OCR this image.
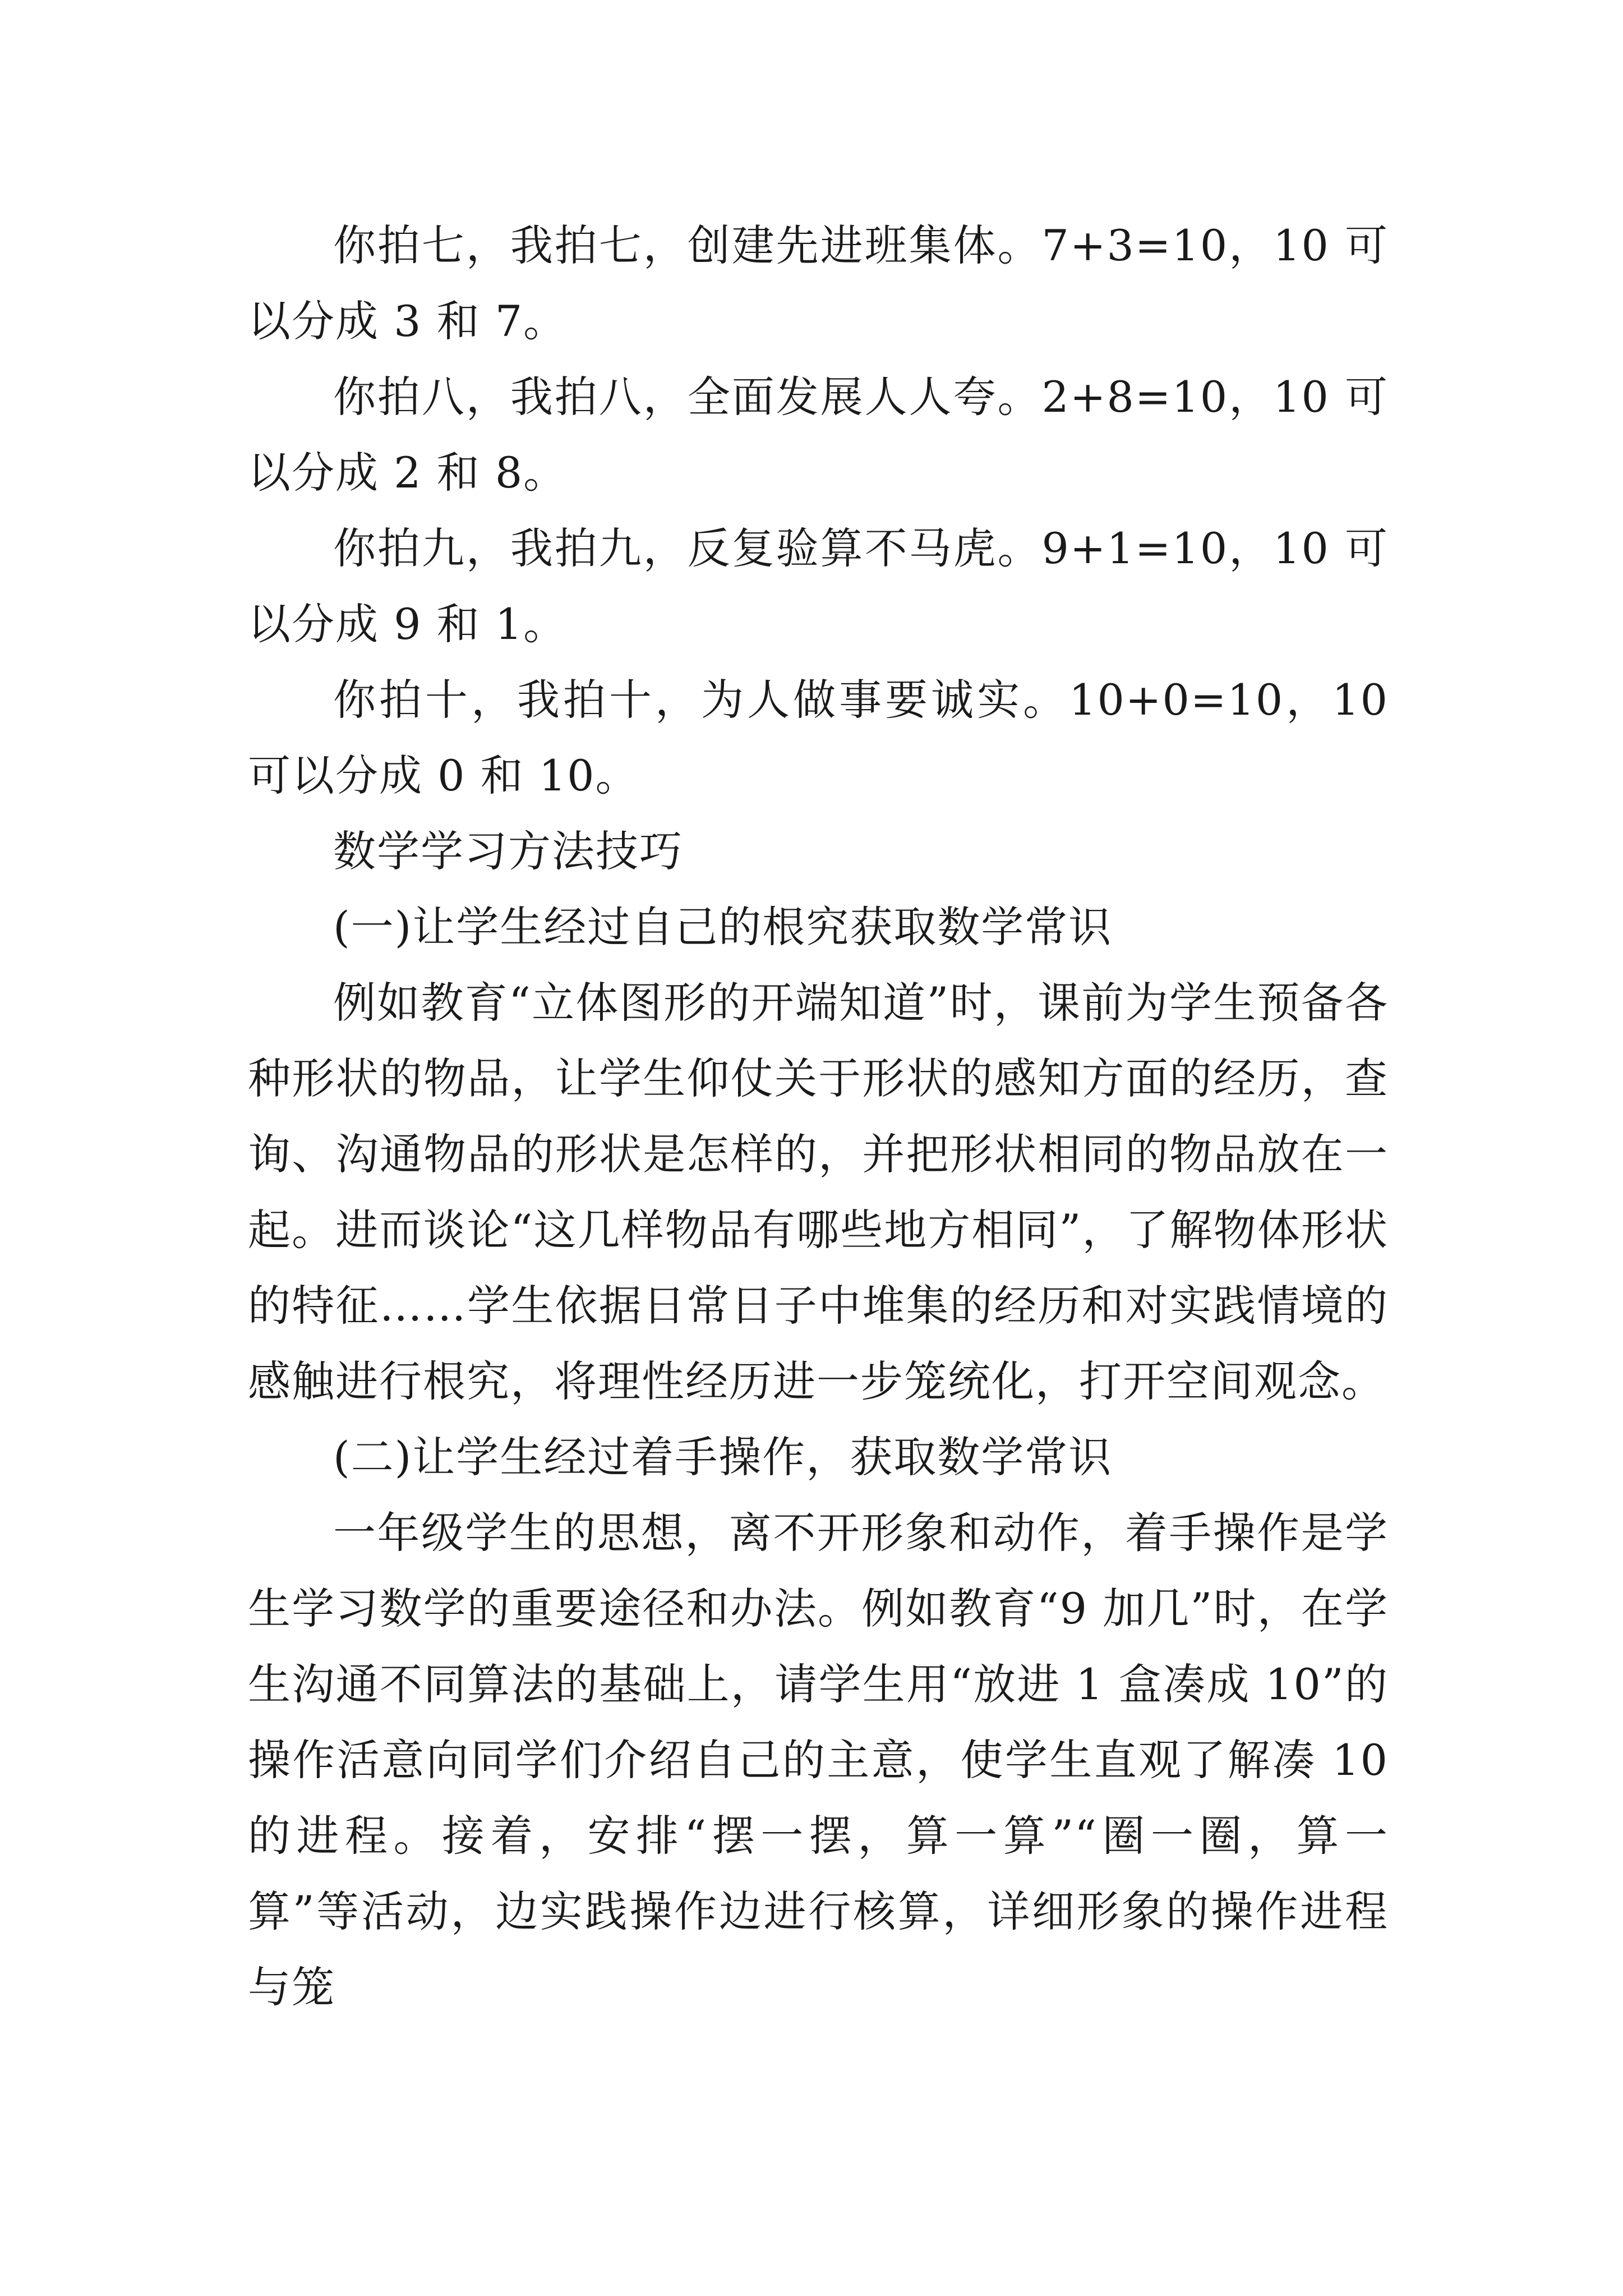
你拍七，我拍七，创建先进班集体。7+3=10，10 可以分成 3 和 7。

你拍八，我拍八，全面发展人人夸。2+8=10，10 可以分成 2 和 8。

你拍九，我拍九，反复验算不马虎。9+1=10，10 可以分成 9 和 1。

你拍十，我拍十，为人做事要诚实。10+0=10，10 可以分成 0 和 10。

数学学习方法技巧

(一)让学生经过自己的根究获取数学常识

例如教育“立体图形的开端知道”时，课前为学生预备各种形状的物品，让学生仰仗关于形状的感知方面的经历，查询、沟通物品的形状是怎样的，并把形状相同的物品放在一起。进而谈论“这几样物品有哪些地方相同”，了解物体形状的特征……学生依据日常日子中堆集的经历和对实践情境的感触进行根究，将理性经历进一步笼统化，打开空间观念。

(二)让学生经过着手操作，获取数学常识

一年级学生的思想，离不开形象和动作，着手操作是学生学习数学的重要途径和办法。例如教育“9 加几”时，在学生沟通不同算法的基础上，请学生用“放进 1 盒凑成 10”的操作活意向同学们介绍自己的主意，使学生直观了解凑 10 的进程。接着，安排“摆一摆，算一算”“圈一圈，算一算”等活动，边实践操作边进行核算，详细形象的操作进程与笼
